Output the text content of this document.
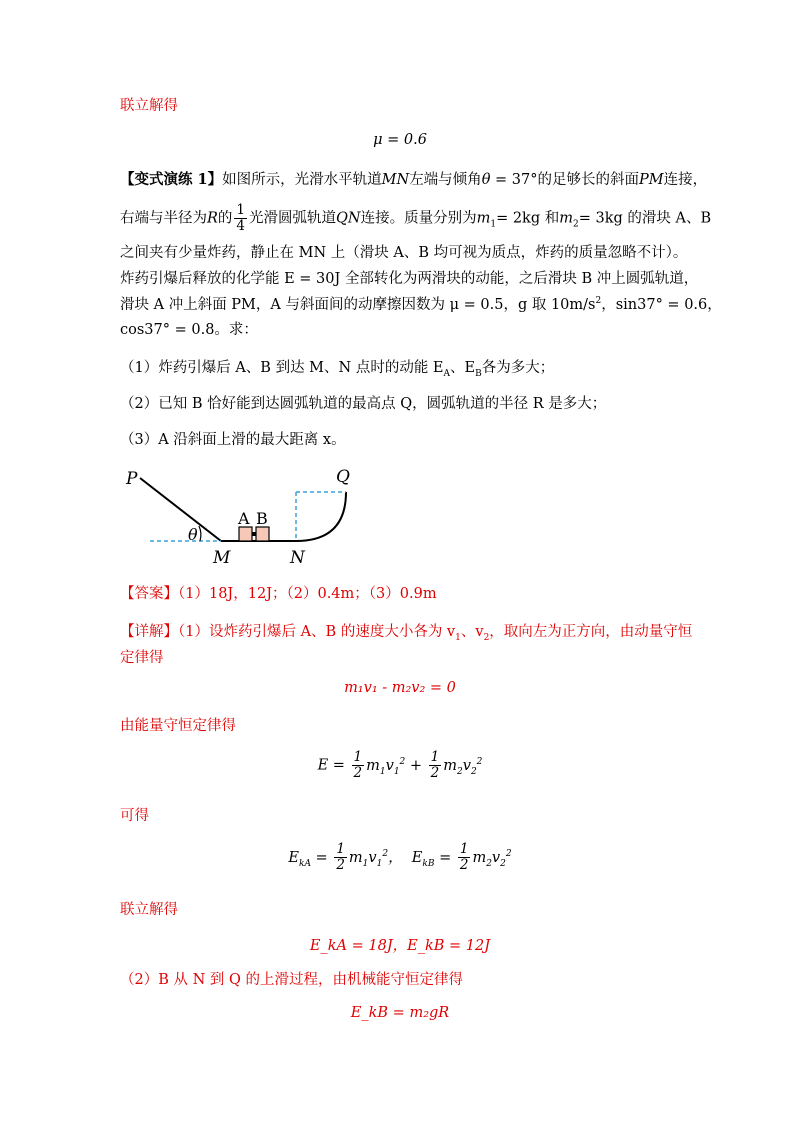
联立解得
μ = 0.6
【变式演练 1】如图所示，光滑水平轨道MN左端与倾角θ = 37°的足够长的斜面PM连接，
右端与半径为R的 $\frac{1}{4}$ 光滑圆弧轨道QN连接。质量分别为$m_1= 2kg$ 和$m_2= 3kg$ 的滑块 A、B
之间夹有少量炸药，静止在 MN 上（滑块 A、B 均可视为质点，炸药的质量忽略不计）。
炸药引爆后释放的化学能 E = 30J 全部转化为两滑块的动能，之后滑块 B 冲上圆弧轨道，
滑块 A 冲上斜面 PM，A 与斜面间的动摩擦因数为 μ = 0.5，g 取 $10m/s^2$，sin37° = 0.6，
cos37° = 0.8。求：
（1）炸药引爆后 A、B 到达 M、N 点时的动能 $E_A$、$E_B$各为多大；
（2）已知 B 恰好能到达圆弧轨道的最高点 Q，圆弧轨道的半径 R 是多大；
（3）A 沿斜面上滑的最大距离 x。
P	Q
M	N
A B
θ
【答案】（1）18J，12J；（2）0.4m；（3）0.9m
【详解】（1）设炸药引爆后 A、B 的速度大小各为 $v_1$、$v_2$，取向左为正方向，由动量守恒
定律得
m₁v₁ - m₂v₂ = 0
由能量守恒定律得
$E = \frac{1}{2} m_1v_1^2 + \frac{1}{2} m_2v_2^2$
可得
$E_{kA} = \frac{1}{2} m_1v_1^2$，  $E_{kB} = \frac{1}{2} m_2v_2^2$
联立解得
E_kA = 18J，E_kB = 12J
（2）B 从 N 到 Q 的上滑过程，由机械能守恒定律得
E_kB = m₂gR
